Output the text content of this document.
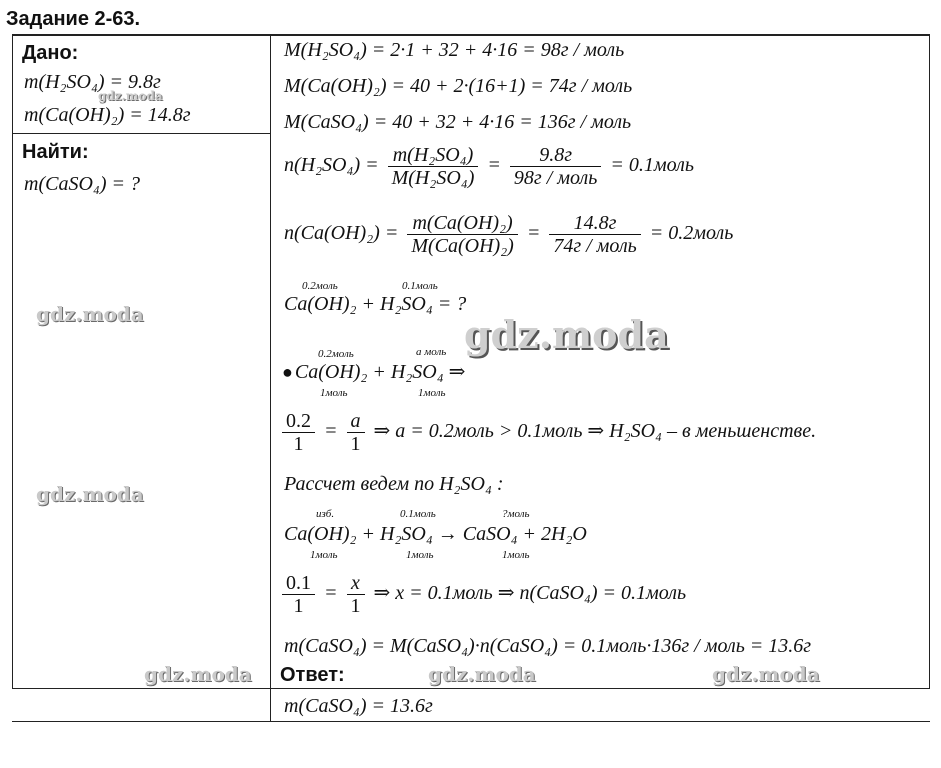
Задание 2-63.
Дано:
m(H₂SO₄) = 9.8г
m(Ca(OH)₂) = 14.8г
Найти:
m(CaSO₄) = ?
M(H₂SO₄) = 2·1 + 32 + 4·16 = 98г / моль
M(Ca(OH)₂) = 40 + 2·(16+1) = 74г / моль
M(CaSO₄) = 40 + 32 + 4·16 = 136г / моль
$n(H_2SO_4) = \frac{\text{m(H₂SO₄)}}{\text{M(H₂SO₄)}} = \frac{9.8г}{\text{98г / моль}}$ = 0.1моль
$n(Ca(OH)_2) = \frac{\text{m(Ca(OH)₂)}}{\text{M(Ca(OH)₂)}} = \frac{14.8г}{\text{74г / моль}}$ = 0.2моль
0.2моль	0.1моль
Ca(OH)₂ + H₂SO₄ = ?
0.2моль	a моль
● Ca(OH)₂ + H₂SO₄ ⇒
1моль	1моль
$\frac{0.2}{1} = \frac{a}{1}$ ⇒ a = 0.2моль > 0.1моль ⇒ H₂SO₄ – в меньшенстве.
Рассчет ведем по H₂SO₄ :
изб.	0.1моль	?моль
Ca(OH)₂ + H₂SO₄ → CaSO₄ + 2H₂O
1моль	1моль	1моль
$\frac{0.1}{1} = \frac{x}{1}$ ⇒ x = 0.1моль ⇒ n(CaSO₄) = 0.1моль
m(CaSO₄) = M(CaSO₄)·n(CaSO₄) = 0.1моль·136г / моль = 13.6г
Ответ:
m(CaSO₄) = 13.6г
gdz.moda
gdz.moda	gdz.moda
gdz.moda
gdz.moda	gdz.moda	gdz.moda
